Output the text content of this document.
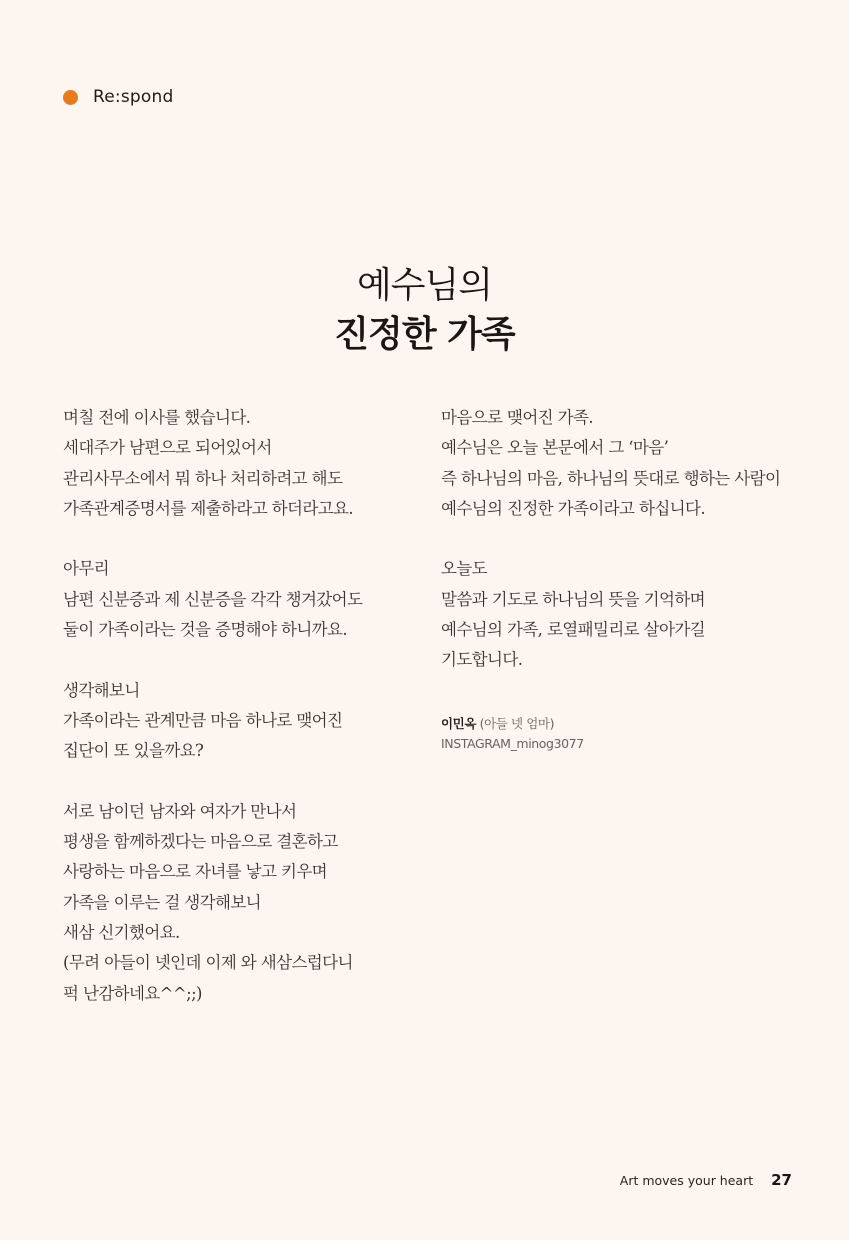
Re:spond
예수님의
진정한 가족
며칠 전에 이사를 했습니다.
세대주가 남편으로 되어있어서
관리사무소에서 뭐 하나 처리하려고 해도
가족관계증명서를 제출하라고 하더라고요.
아무리
남편 신분증과 제 신분증을 각각 챙겨갔어도
둘이 가족이라는 것을 증명해야 하니까요.
생각해보니
가족이라는 관계만큼 마음 하나로 맺어진
집단이 또 있을까요?
서로 남이던 남자와 여자가 만나서
평생을 함께하겠다는 마음으로 결혼하고
사랑하는 마음으로 자녀를 낳고 키우며
가족을 이루는 걸 생각해보니
새삼 신기했어요.
(무려 아들이 넷인데 이제 와 새삼스럽다니
퍽 난감하네요^^;;)
마음으로 맺어진 가족.
예수님은 오늘 본문에서 그 ‘마음’
즉 하나님의 마음, 하나님의 뜻대로 행하는 사람이
예수님의 진정한 가족이라고 하십니다.
오늘도
말씀과 기도로 하나님의 뜻을 기억하며
예수님의 가족, 로열패밀리로 살아가길
기도합니다.
이민옥 (아들 넷 엄마)
INSTAGRAM_minog3077
Art moves your heart 27
